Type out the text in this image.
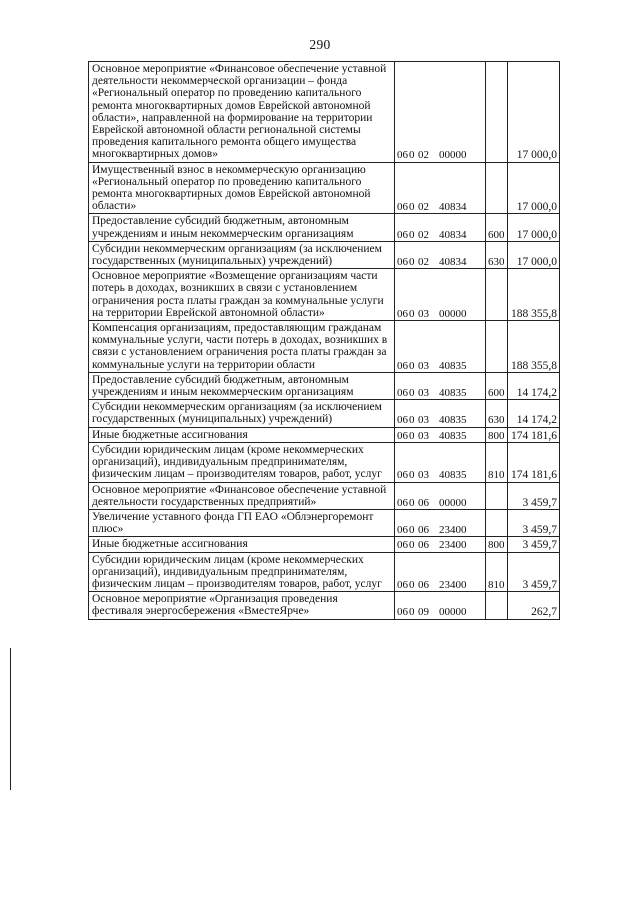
290
Основное мероприятие «Финансовое обеспечение уставной деятельности некоммерческой организации – фонда «Региональный оператор по проведению капитального ремонта многоквартирных домов Еврейской автономной области», направленной на формирование на территории Еврейской автономной области региональной системы проведения капитального ремонта общего имущества многоквартирных домов»	060 02 00000		17 000,0
Имущественный взнос в некоммерческую организацию «Региональный оператор по проведению капитального ремонта многоквартирных домов Еврейской автономной области»	060 02 40834		17 000,0
Предоставление субсидий бюджетным, автономным учреждениям и иным некоммерческим организациям	060 02 40834	600	17 000,0
Субсидии некоммерческим организациям (за исключением государственных (муниципальных) учреждений)	060 02 40834	630	17 000,0
Основное мероприятие «Возмещение организациям части потерь в доходах, возникших в связи с установлением ограничения роста платы граждан за коммунальные услуги на территории Еврейской автономной области»	060 03 00000		188 355,8
Компенсация организациям, предоставляющим гражданам коммунальные услуги, части потерь в доходах, возникших в связи с установлением ограничения роста платы граждан за коммунальные услуги на территории области	060 03 40835		188 355,8
Предоставление субсидий бюджетным, автономным учреждениям и иным некоммерческим организациям	060 03 40835	600	14 174,2
Субсидии некоммерческим организациям (за исключением государственных (муниципальных) учреждений)	060 03 40835	630	14 174,2
Иные бюджетные ассигнования	060 03 40835	800	174 181,6
Субсидии юридическим лицам (кроме некоммерческих организаций), индивидуальным предпринимателям, физическим лицам – производителям товаров, работ, услуг	060 03 40835	810	174 181,6
Основное мероприятие «Финансовое обеспечение уставной деятельности государственных предприятий»	060 06 00000		3 459,7
Увеличение уставного фонда ГП ЕАО «Облэнергоремонт плюс»	060 06 23400		3 459,7
Иные бюджетные ассигнования	060 06 23400	800	3 459,7
Субсидии юридическим лицам (кроме некоммерческих организаций), индивидуальным предпринимателям, физическим лицам – производителям товаров, работ, услуг	060 06 23400	810	3 459,7
Основное мероприятие «Организация проведения фестиваля энергосбережения «ВместеЯрче»	060 09 00000		262,7
